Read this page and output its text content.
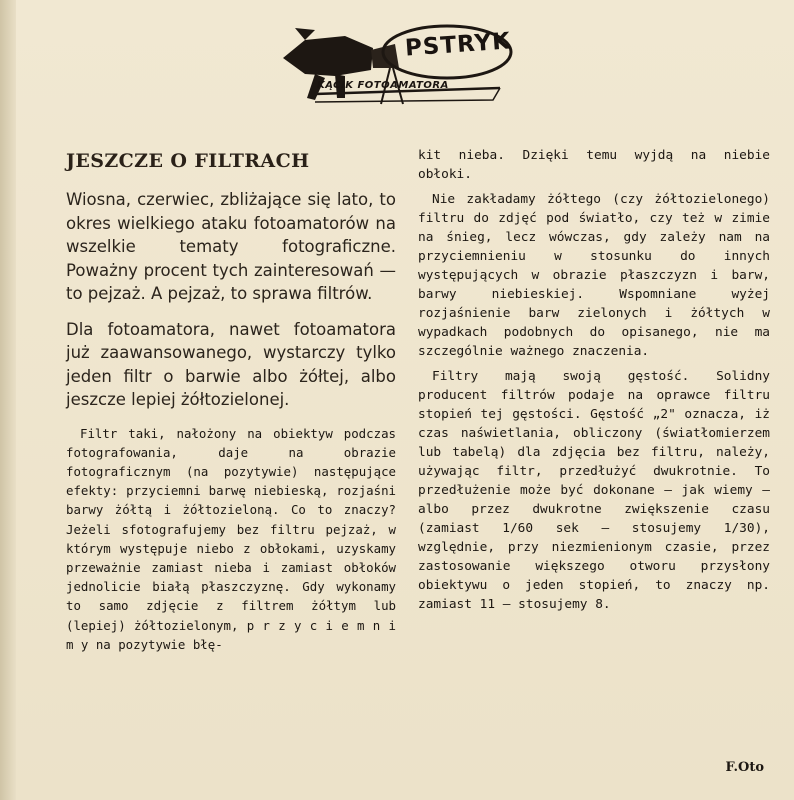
PSTRYK
KĄCIK FOTOAMATORA
JESZCZE O FILTRACH

Wiosna, czerwiec, zbliżające się lato, to okres wielkiego ataku fotoamatorów na wszelkie tematy fotograficzne. Poważny procent tych zainteresowań — to pejzaż. A pejzaż, to sprawa filtrów.

Dla fotoamatora, nawet fotoamatora już zaawansowanego, wystarczy tylko jeden filtr o barwie albo żółtej, albo jeszcze lepiej żółtozielonej.

Filtr taki, nałożony na obiektyw podczas fotografowania, daje na obrazie fotograficznym (na pozytywie) następujące efekty: przyciemni barwę niebieską, rozjaśni barwy żółtą i żółtozieloną. Co to znaczy? Jeżeli sfotografujemy bez filtru pejzaż, w którym występuje niebo z obłokami, uzyskamy przeważnie zamiast nieba i zamiast obłoków jednolicie białą płaszczyznę. Gdy wykonamy to samo zdjęcie z filtrem żółtym lub (lepiej) żółtozielonym, p r z y c i e m n i m y na pozytywie błę-

kit nieba. Dzięki temu wyjdą na niebie obłoki.

Nie zakładamy żółtego (czy żółtozielonego) filtru do zdjęć pod światło, czy też w zimie na śnieg, lecz wówczas, gdy zależy nam na przyciemnieniu w stosunku do innych występujących w obrazie płaszczyzn i barw, barwy niebieskiej. Wspomniane wyżej rozjaśnienie barw zielonych i żółtych w wypadkach podobnych do opisanego, nie ma szczególnie ważnego znaczenia.

Filtry mają swoją gęstość. Solidny producent filtrów podaje na oprawce filtru stopień tej gęstości. Gęstość „2" oznacza, iż czas naświetlania, obliczony (światłomierzem lub tabelą) dla zdjęcia bez filtru, należy, używając filtr, przedłużyć dwukrotnie. To przedłużenie może być dokonane — jak wiemy — albo przez dwukrotne zwiększenie czasu (zamiast 1/60 sek — stosujemy 1/30), względnie, przy niezmienionym czasie, przez zastosowanie większego otworu przysłony obiektywu o jeden stopień, to znaczy np. zamiast 11 — stosujemy 8.

F.Oto
